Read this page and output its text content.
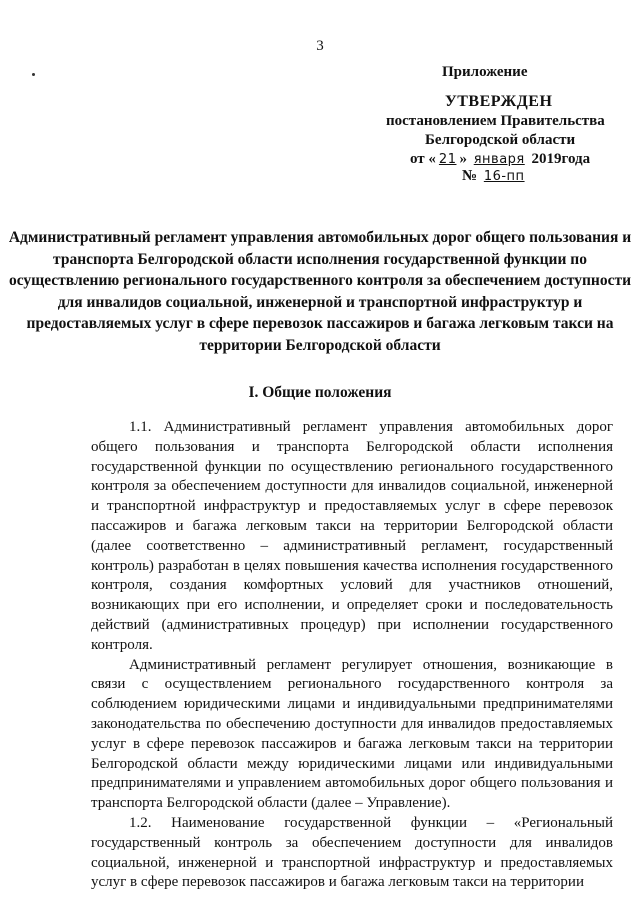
3
Приложение
УТВЕРЖДЕН
постановлением Правительства
Белгородской области
от « 21 » января 2019года
№ 16-пп
Административный регламент управления автомобильных дорог общего пользования и транспорта Белгородской области исполнения государственной функции по осуществлению регионального государственного контроля за обеспечением доступности для инвалидов социальной, инженерной и транспортной инфраструктур и предоставляемых услуг в сфере перевозок пассажиров и багажа легковым такси на территории Белгородской области
I. Общие положения

1.1. Административный регламент управления автомобильных дорог общего пользования и транспорта Белгородской области исполнения государственной функции по осуществлению регионального государственного контроля за обеспечением доступности для инвалидов социальной, инженерной и транспортной инфраструктур и предоставляемых услуг в сфере перевозок пассажиров и багажа легковым такси на территории Белгородской области (далее соответственно – административный регламент, государственный контроль) разработан в целях повышения качества исполнения государственного контроля, создания комфортных условий для участников отношений, возникающих при его исполнении, и определяет сроки и последовательность действий (административных процедур) при исполнении государственного контроля.

Административный регламент регулирует отношения, возникающие в связи с осуществлением регионального государственного контроля за соблюдением юридическими лицами и индивидуальными предпринимателями законодательства по обеспечению доступности для инвалидов предоставляемых услуг в сфере перевозок пассажиров и багажа легковым такси на территории Белгородской области между юридическими лицами или индивидуальными предпринимателями и управлением автомобильных дорог общего пользования и транспорта Белгородской области (далее – Управление).

1.2. Наименование государственной функции – «Региональный государственный контроль за обеспечением доступности для инвалидов социальной, инженерной и транспортной инфраструктур и предоставляемых услуг в сфере перевозок пассажиров и багажа легковым такси на территории
